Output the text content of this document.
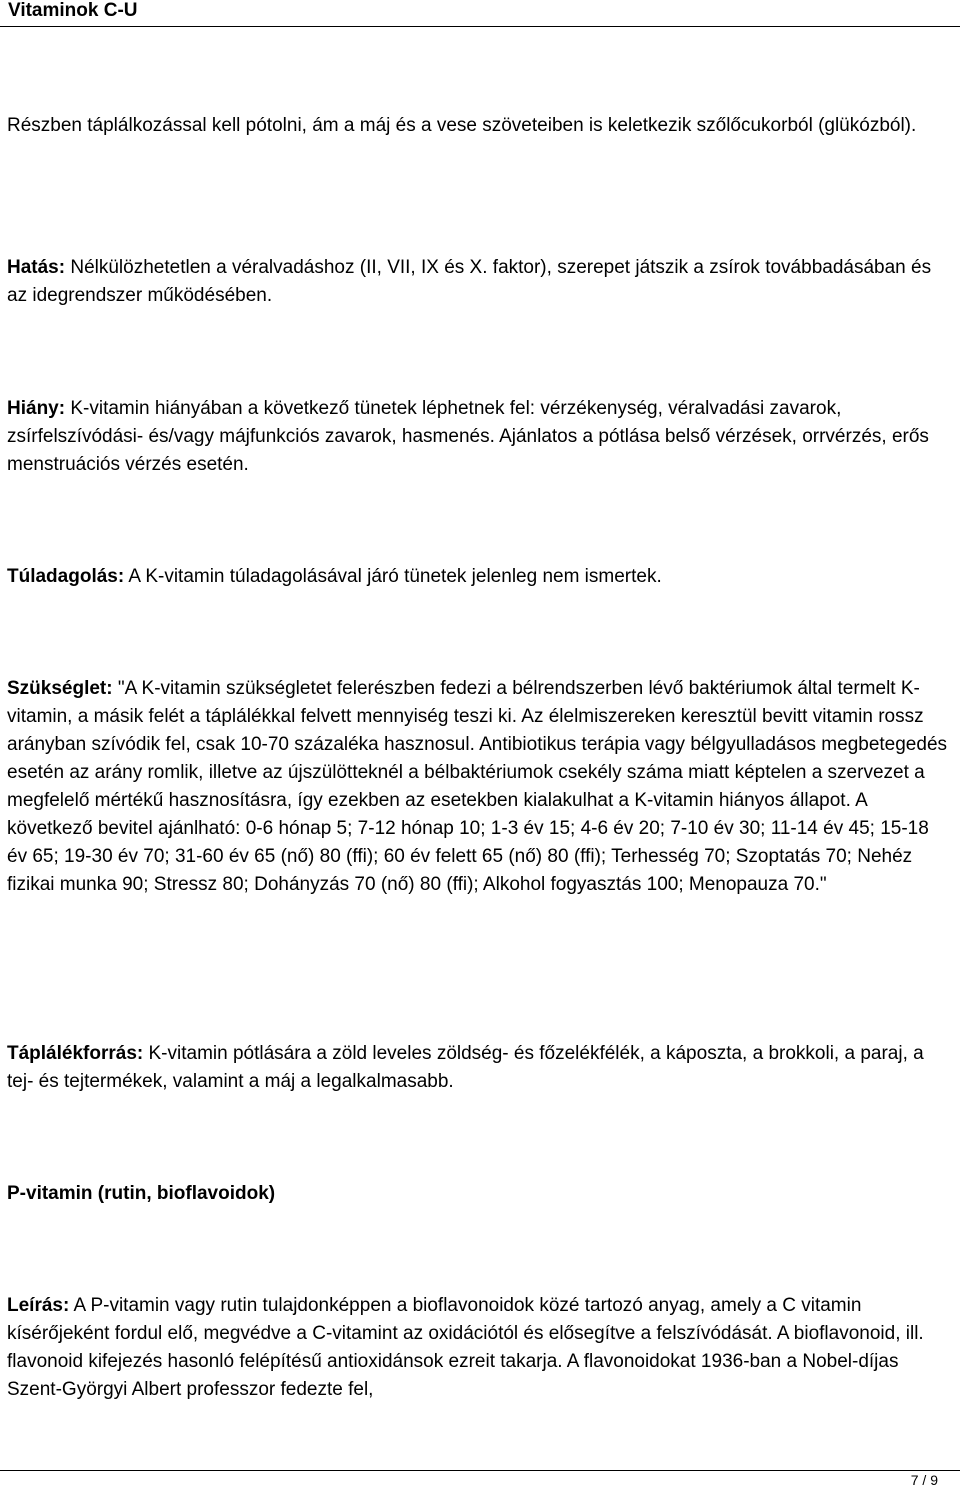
Vitaminok C-U

Részben táplálkozással kell pótolni, ám a máj és a vese szöveteiben is keletkezik szőlőcukorból (glükózból).

Hatás: Nélkülözhetetlen a véralvadáshoz (II, VII, IX és X. faktor), szerepet játszik a zsírok továbbadásában és az idegrendszer működésében.

Hiány: K-vitamin hiányában a következő tünetek léphetnek fel: vérzékenység, véralvadási zavarok, zsírfelszívódási- és/vagy májfunkciós zavarok, hasmenés. Ajánlatos a pótlása belső vérzések, orrvérzés, erős menstruációs vérzés esetén.

Túladagolás: A K-vitamin túladagolásával járó tünetek jelenleg nem ismertek.

Szükséglet: "A K-vitamin szükségletet felerészben fedezi a bélrendszerben lévő baktériumok által termelt K-vitamin, a másik felét a táplálékkal felvett mennyiség teszi ki. Az élelmiszereken keresztül bevitt vitamin rossz arányban szívódik fel, csak 10-70 százaléka hasznosul. Antibiotikus terápia vagy bélgyulladásos megbetegedés esetén az arány romlik, illetve az újszülötteknél a bélbaktériumok csekély száma miatt képtelen a szervezet a megfelelő mértékű hasznosításra, így ezekben az esetekben kialakulhat a K-vitamin hiányos állapot. A következő bevitel ajánlható: 0-6 hónap 5; 7-12 hónap 10; 1-3 év 15; 4-6 év 20; 7-10 év 30; 11-14 év 45; 15-18 év 65; 19-30 év 70; 31-60 év 65 (nő) 80 (ffi); 60 év felett 65 (nő) 80 (ffi); Terhesség 70; Szoptatás 70; Nehéz fizikai munka 90; Stressz 80; Dohányzás 70 (nő) 80 (ffi); Alkohol fogyasztás 100; Menopauza 70."

Táplálékforrás: K-vitamin pótlására a zöld leveles zöldség- és főzelékfélék, a káposzta, a brokkoli, a paraj, a tej- és tejtermékek, valamint a máj a legalkalmasabb.

P-vitamin (rutin, bioflavoidok)

Leírás: A P-vitamin vagy rutin tulajdonképpen a bioflavonoidok közé tartozó anyag, amely a C vitamin kísérőjeként fordul elő, megvédve a C-vitamint az oxidációtól és elősegítve a felszívódását. A bioflavonoid, ill. flavonoid kifejezés hasonló felépítésű antioxidánsok ezreit takarja. A flavonoidokat 1936-ban a Nobel-díjas Szent-Györgyi Albert professzor fedezte fel,

7 / 9
